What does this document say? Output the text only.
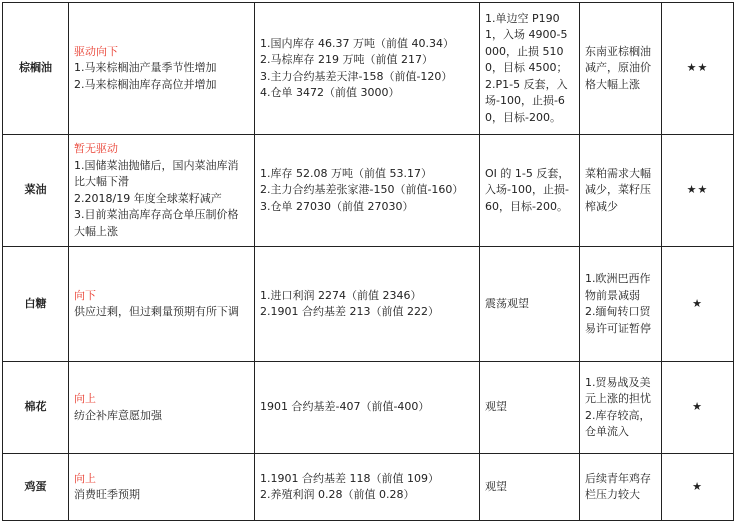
棕榈油	驱动向下
1.马来棕榈油产量季节性增加
2.马来棕榈油库存高位并增加	1.国内库存 46.37 万吨（前值 40.34）
2.马棕库存 219 万吨（前值 217）
3.主力合约基差天津-158（前值-120）
4.仓单 3472（前值 3000）	1.单边空 P1901，入场 4900-5000，止损 5100，目标 4500；
2.P1-5 反套，入场-100，止损-60，目标-200。	东南亚棕榈油减产，原油价格大幅上涨	★★
菜油	暂无驱动
1.国储菜油抛储后，国内菜油库消比大幅下滑
2.2018/19 年度全球菜籽减产
3.目前菜油高库存高仓单压制价格大幅上涨	1.库存 52.08 万吨（前值 53.17）
2.主力合约基差张家港-150（前值-160）
3.仓单 27030（前值 27030）	OI 的 1-5 反套，入场-100，止损-60，目标-200。	菜粕需求大幅减少，菜籽压榨减少	★★
白糖	向下
供应过剩，但过剩量预期有所下调	1.进口利润 2274（前值 2346）
2.1901 合约基差 213（前值 222）	震荡观望	1.欧洲巴西作物前景减弱
2.缅甸转口贸易许可证暂停	★
棉花	向上
纺企补库意愿加强	1901 合约基差-407（前值-400）	观望	1.贸易战及美元上涨的担忧
2.库存较高，仓单流入	★
鸡蛋	向上
消费旺季预期	1.1901 合约基差 118（前值 109）
2.养殖利润 0.28（前值 0.28）	观望	后续青年鸡存栏压力较大	★
